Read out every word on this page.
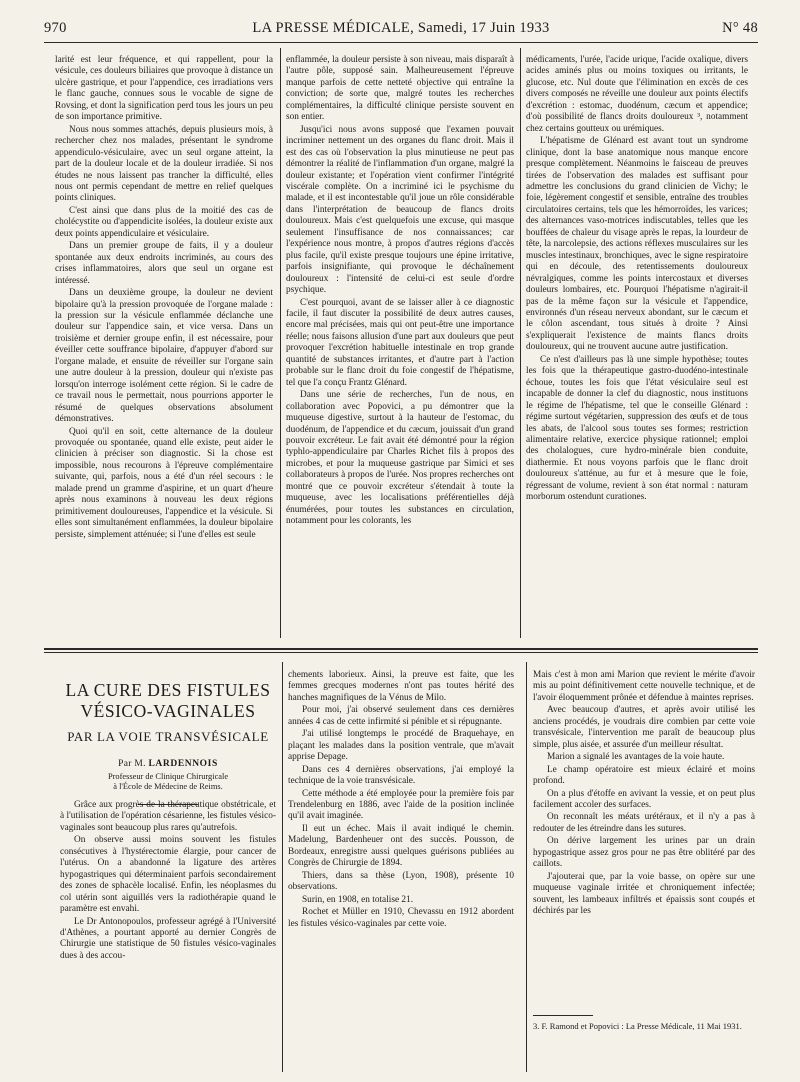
970	LA PRESSE MÉDICALE, Samedi, 17 Juin 1933	N° 48

larité est leur fréquence, et qui rappellent, pour la vésicule, ces douleurs biliaires que provoque à distance un ulcère gastrique, et pour l'appendice, ces irradiations vers le flanc gauche, connues sous le vocable de signe de Rovsing, et dont la signification perd tous les jours un peu de son importance primitive.

Nous nous sommes attachés, depuis plusieurs mois, à rechercher chez nos malades, présentant le syndrome appendiculo-vésiculaire, avec un seul organe atteint, la part de la douleur locale et de la douleur irradiée. Si nos études ne nous laissent pas trancher la difficulté, elles nous ont permis cependant de mettre en relief quelques points cliniques.

C'est ainsi que dans plus de la moitié des cas de cholécystite ou d'appendicite isolées, la douleur existe aux deux points appendiculaire et vésiculaire.

Dans un premier groupe de faits, il y a douleur spontanée aux deux endroits incriminés, au cours des crises inflammatoires, alors que seul un organe est intéressé.

Dans un deuxième groupe, la douleur ne devient bipolaire qu'à la pression provoquée de l'organe malade : la pression sur la vésicule enflammée déclanche une douleur sur l'appendice sain, et vice versa. Dans un troisième et dernier groupe enfin, il est nécessaire, pour éveiller cette souffrance bipolaire, d'appuyer d'abord sur l'organe malade, et ensuite de réveiller sur l'organe sain une autre douleur à la pression, douleur qui n'existe pas lorsqu'on interroge isolément cette région. Si le cadre de ce travail nous le permettait, nous pourrions apporter le résumé de quelques observations absolument démonstratives.

Quoi qu'il en soit, cette alternance de la douleur provoquée ou spontanée, quand elle existe, peut aider le clinicien à préciser son diagnostic. Si la chose est impossible, nous recourons à l'épreuve complémentaire suivante, qui, parfois, nous a été d'un réel secours : le malade prend un gramme d'aspirine, et un quart d'heure après nous examinons à nouveau les deux régions primitivement douloureuses, l'appendice et la vésicule. Si elles sont simultanément enflammées, la douleur bipolaire persiste, simplement atténuée; si l'une d'elles est seule

enflammée, la douleur persiste à son niveau, mais disparaît à l'autre pôle, supposé sain. Malheureusement l'épreuve manque parfois de cette netteté objective qui entraîne la conviction; de sorte que, malgré toutes les recherches complémentaires, la difficulté clinique persiste souvent en son entier.

Jusqu'ici nous avons supposé que l'examen pouvait incriminer nettement un des organes du flanc droit. Mais il est des cas où l'observation la plus minutieuse ne peut pas démontrer la réalité de l'inflammation d'un organe, malgré la douleur existante; et l'opération vient confirmer l'intégrité viscérale complète. On a incriminé ici le psychisme du malade, et il est incontestable qu'il joue un rôle considérable dans l'interprétation de beaucoup de flancs droits douloureux. Mais c'est quelquefois une excuse, qui masque seulement l'insuffisance de nos connaissances; car l'expérience nous montre, à propos d'autres régions d'accès plus facile, qu'il existe presque toujours une épine irritative, parfois insignifiante, qui provoque le déchaînement douloureux : l'intensité de celui-ci est seule d'ordre psychique.

C'est pourquoi, avant de se laisser aller à ce diagnostic facile, il faut discuter la possibilité de deux autres causes, encore mal précisées, mais qui ont peut-être une importance réelle; nous faisons allusion d'une part aux douleurs que peut provoquer l'excrétion habituelle intestinale en trop grande quantité de substances irritantes, et d'autre part à l'action probable sur le flanc droit du foie congestif de l'hépatisme, tel que l'a conçu Frantz Glénard.

Dans une série de recherches, l'un de nous, en collaboration avec Popovici, a pu démontrer que la muqueuse digestive, surtout à la hauteur de l'estomac, du duodénum, de l'appendice et du cæcum, jouissait d'un grand pouvoir excréteur. Le fait avait été démontré pour la région typhlo-appendiculaire par Charles Richet fils à propos des microbes, et pour la muqueuse gastrique par Simici et ses collaborateurs à propos de l'urée. Nos propres recherches ont montré que ce pouvoir excréteur s'étendait à toute la muqueuse, avec les localisations préférentielles déjà énumérées, pour toutes les substances en circulation, notamment pour les colorants, les

médicaments, l'urée, l'acide urique, l'acide oxalique, divers acides aminés plus ou moins toxiques ou irritants, le glucose, etc. Nul doute que l'élimination en excès de ces divers composés ne réveille une douleur aux points électifs d'excrétion : estomac, duodénum, cæcum et appendice; d'où possibilité de flancs droits douloureux ³, notamment chez certains goutteux ou urémiques.

L'hépatisme de Glénard est avant tout un syndrome clinique, dont la base anatomique nous manque encore presque complètement. Néanmoins le faisceau de preuves tirées de l'observation des malades est suffisant pour admettre les conclusions du grand clinicien de Vichy; le foie, légèrement congestif et sensible, entraîne des troubles circulatoires certains, tels que les hémorroïdes, les varices; des alternances vaso-motrices indiscutables, telles que les bouffées de chaleur du visage après le repas, la lourdeur de tête, la narcolepsie, des actions réflexes musculaires sur les muscles intestinaux, bronchiques, avec le signe respiratoire qui en découle, des retentissements douloureux névralgiques, comme les points intercostaux et diverses douleurs lombaires, etc. Pourquoi l'hépatisme n'agirait-il pas de la même façon sur la vésicule et l'appendice, environnés d'un réseau nerveux abondant, sur le cæcum et le côlon ascendant, tous situés à droite ? Ainsi s'expliquerait l'existence de maints flancs droits douloureux, qui ne trouvent aucune autre justification.

Ce n'est d'ailleurs pas là une simple hypothèse; toutes les fois que la thérapeutique gastro-duodéno-intestinale échoue, toutes les fois que l'état vésiculaire seul est incapable de donner la clef du diagnostic, nous instituons le régime de l'hépatisme, tel que le conseille Glénard : régime surtout végétarien, suppression des œufs et de tous les abats, de l'alcool sous toutes ses formes; restriction alimentaire relative, exercice physique rationnel; emploi des cholalogues, cure hydro-minérale bien conduite, diathermie. Et nous voyons parfois que le flanc droit douloureux s'atténue, au fur et à mesure que le foie, régressant de volume, revient à son état normal : naturam morborum ostendunt curationes.

LA CURE DES FISTULES VÉSICO-VAGINALES
PAR LA VOIE TRANSVÉSICALE
Par M. LARDENNOIS
Professeur de Clinique Chirurgicale
à l'École de Médecine de Reims.

Grâce aux progrès de la thérapeutique obstétricale, et à l'utilisation de l'opération césarienne, les fistules vésico-vaginales sont beaucoup plus rares qu'autrefois.

On observe aussi moins souvent les fistules consécutives à l'hystérectomie élargie, pour cancer de l'utérus. On a abandonné la ligature des artères hypogastriques qui déterminaient parfois secondairement des zones de sphacèle localisé. Enfin, les néoplasmes du col utérin sont aiguillés vers la radiothérapie quand le paramètre est envahi.

Le Dr Antonopoulos, professeur agrégé à l'Université d'Athènes, a pourtant apporté au dernier Congrès de Chirurgie une statistique de 50 fistules vésico-vaginales dues à des accou-

chements laborieux. Ainsi, la preuve est faite, que les femmes grecques modernes n'ont pas toutes hérité des hanches magnifiques de la Vénus de Milo.

Pour moi, j'ai observé seulement dans ces dernières années 4 cas de cette infirmité si pénible et si répugnante.

J'ai utilisé longtemps le procédé de Braquehaye, en plaçant les malades dans la position ventrale, que m'avait apprise Depage.

Dans ces 4 dernières observations, j'ai employé la technique de la voie transvésicale.

Cette méthode a été employée pour la première fois par Trendelenburg en 1886, avec l'aide de la position inclinée qu'il avait imaginée.

Il eut un échec. Mais il avait indiqué le chemin. Madelung, Bardenheuer ont des succès. Pousson, de Bordeaux, enregistre aussi quelques guérisons publiées au Congrès de Chirurgie de 1894.

Thiers, dans sa thèse (Lyon, 1908), présente 10 observations.

Surin, en 1908, en totalise 21.

Rochet et Müller en 1910, Chevassu en 1912 abordent les fistules vésico-vaginales par cette voie.

Mais c'est à mon ami Marion que revient le mérite d'avoir mis au point définitivement cette nouvelle technique, et de l'avoir éloquemment prônée et défendue à maintes reprises.

Avec beaucoup d'autres, et après avoir utilisé les anciens procédés, je voudrais dire combien par cette voie transvésicale, l'intervention me paraît de beaucoup plus simple, plus aisée, et assurée d'un meilleur résultat.

Marion a signalé les avantages de la voie haute.

Le champ opératoire est mieux éclairé et moins profond.

On a plus d'étoffe en avivant la vessie, et on peut plus facilement accoler des surfaces.

On reconnaît les méats urétéraux, et il n'y a pas à redouter de les étreindre dans les sutures.

On dérive largement les urines par un drain hypogastrique assez gros pour ne pas être oblitéré par des caillots.

J'ajouterai que, par la voie basse, on opère sur une muqueuse vaginale irritée et chroniquement infectée; souvent, les lambeaux infiltrés et épaissis sont coupés et déchirés par les

3. F. Ramond et Popovici : La Presse Médicale, 11 Mai 1931.
